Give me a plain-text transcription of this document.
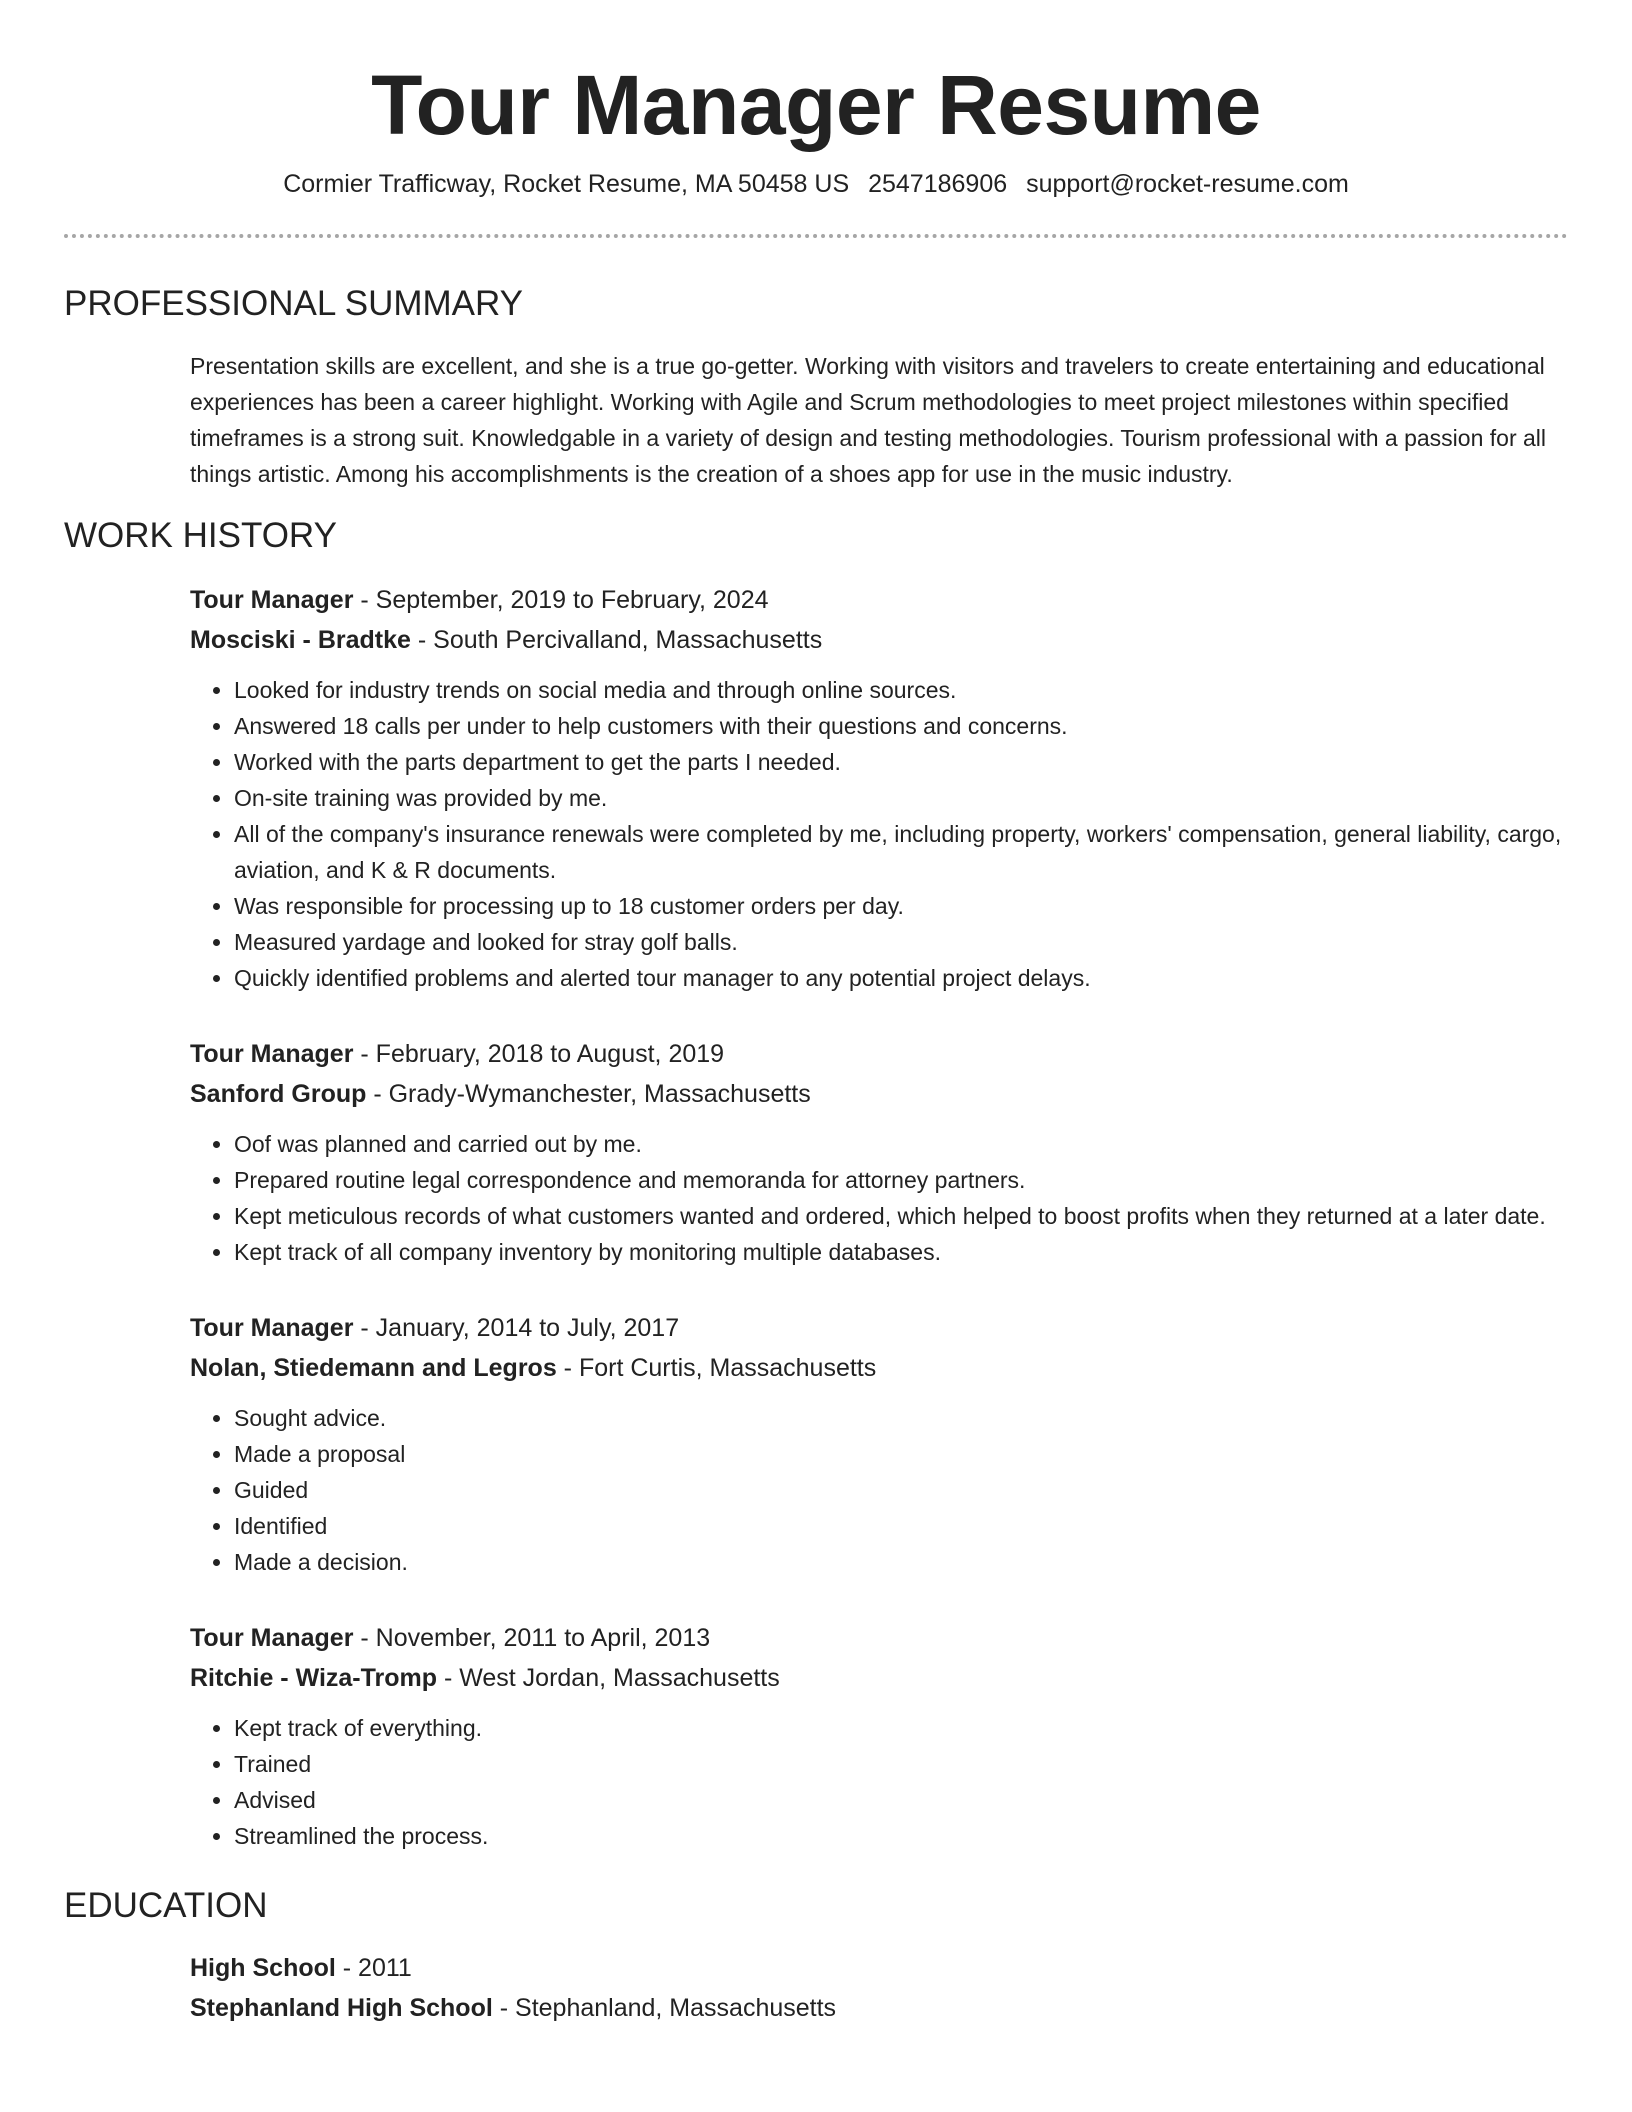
Tour Manager Resume
Cormier Trafficway, Rocket Resume, MA 50458 US 2547186906 support@rocket-resume.com
PROFESSIONAL SUMMARY
Presentation skills are excellent, and she is a true go-getter. Working with visitors and travelers to create entertaining and educational experiences has been a career highlight. Working with Agile and Scrum methodologies to meet project milestones within specified timeframes is a strong suit. Knowledgable in a variety of design and testing methodologies. Tourism professional with a passion for all things artistic. Among his accomplishments is the creation of a shoes app for use in the music industry.
WORK HISTORY
Tour Manager - September, 2019 to February, 2024
Mosciski - Bradtke - South Percivalland, Massachusetts
• Looked for industry trends on social media and through online sources.
• Answered 18 calls per under to help customers with their questions and concerns.
• Worked with the parts department to get the parts I needed.
• On-site training was provided by me.
• All of the company's insurance renewals were completed by me, including property, workers' compensation, general liability, cargo, aviation, and K & R documents.
• Was responsible for processing up to 18 customer orders per day.
• Measured yardage and looked for stray golf balls.
• Quickly identified problems and alerted tour manager to any potential project delays.
Tour Manager - February, 2018 to August, 2019
Sanford Group - Grady-Wymanchester, Massachusetts
• Oof was planned and carried out by me.
• Prepared routine legal correspondence and memoranda for attorney partners.
• Kept meticulous records of what customers wanted and ordered, which helped to boost profits when they returned at a later date.
• Kept track of all company inventory by monitoring multiple databases.
Tour Manager - January, 2014 to July, 2017
Nolan, Stiedemann and Legros - Fort Curtis, Massachusetts
• Sought advice.
• Made a proposal
• Guided
• Identified
• Made a decision.
Tour Manager - November, 2011 to April, 2013
Ritchie - Wiza-Tromp - West Jordan, Massachusetts
• Kept track of everything.
• Trained
• Advised
• Streamlined the process.
EDUCATION
High School - 2011
Stephanland High School - Stephanland, Massachusetts
